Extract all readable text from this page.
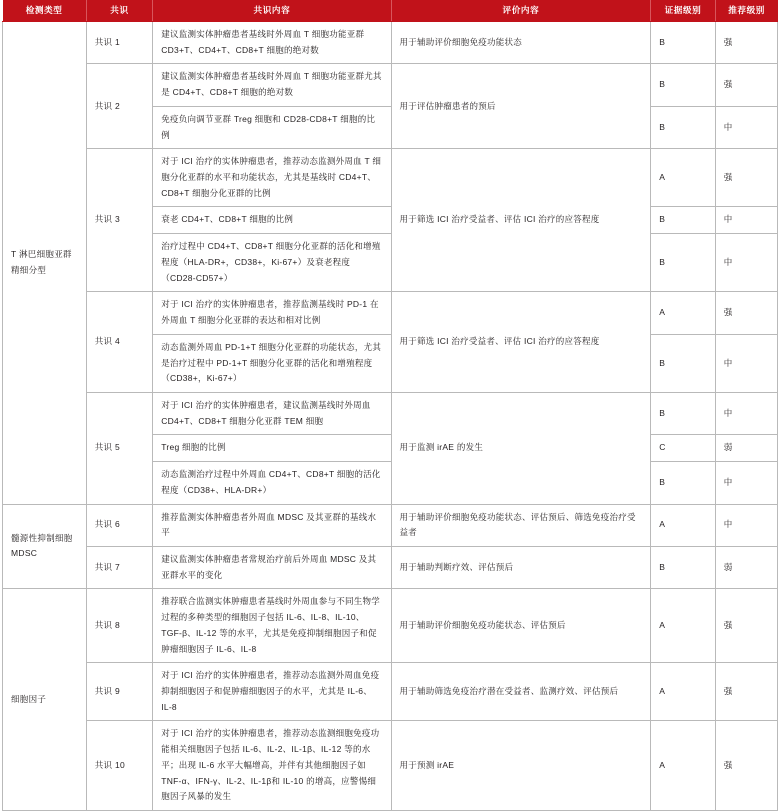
检测类型	共识	共识内容	评价内容	证据级别	推荐级别
T 淋巴细胞亚群精细分型	共识 1	建议监测实体肿瘤患者基线时外周血 T 细胞功能亚群 CD3+T、CD4+T、CD8+T 细胞的绝对数	用于辅助评价细胞免疫功能状态	B	强
	共识 2	建议监测实体肿瘤患者基线时外周血 T 细胞功能亚群尤其是 CD4+T、CD8+T 细胞的绝对数	用于评估肿瘤患者的预后	B	强
		免疫负向调节亚群 Treg 细胞和 CD28-CD8+T 细胞的比例		B	中
	共识 3	对于 ICI 治疗的实体肿瘤患者，推荐动态监测外周血 T 细胞分化亚群的水平和功能状态，尤其是基线时 CD4+T、CD8+T 细胞分化亚群的比例	用于筛选 ICI 治疗受益者、评估 ICI 治疗的应答程度	A	强
		衰老 CD4+T、CD8+T 细胞的比例		B	中
		治疗过程中 CD4+T、CD8+T 细胞分化亚群的活化和增殖程度（HLA-DR+，CD38+，Ki-67+）及衰老程度（CD28-CD57+）		B	中
	共识 4	对于 ICI 治疗的实体肿瘤患者，推荐监测基线时 PD-1 在外周血 T 细胞分化亚群的表达和相对比例	用于筛选 ICI 治疗受益者、评估 ICI 治疗的应答程度	A	强
		动态监测外周血 PD-1+T 细胞分化亚群的功能状态，尤其是治疗过程中 PD-1+T 细胞分化亚群的活化和增殖程度（CD38+，Ki-67+）		B	中
	共识 5	对于 ICI 治疗的实体肿瘤患者，建议监测基线时外周血 CD4+T、CD8+T 细胞分化亚群 TEM 细胞	用于监测 irAE 的发生	B	中
		Treg 细胞的比例		C	弱
		动态监测治疗过程中外周血 CD4+T、CD8+T 细胞的活化程度（CD38+、HLA-DR+）		B	中
髓源性抑制细胞 MDSC	共识 6	推荐监测实体肿瘤患者外周血 MDSC 及其亚群的基线水平	用于辅助评价细胞免疫功能状态、评估预后、筛选免疫治疗受益者	A	中
	共识 7	建议监测实体肿瘤患者常规治疗前后外周血 MDSC 及其亚群水平的变化	用于辅助判断疗效、评估预后	B	弱
细胞因子	共识 8	推荐联合监测实体肿瘤患者基线时外周血参与不同生物学过程的多种类型的细胞因子包括 IL-6、IL-8、IL-10、TGF-β、IL-12 等的水平，尤其是免疫抑制细胞因子和促肿瘤细胞因子 IL-6、IL-8	用于辅助评价细胞免疫功能状态、评估预后	A	强
	共识 9	对于 ICI 治疗的实体肿瘤患者，推荐动态监测外周血免疫抑制细胞因子和促肿瘤细胞因子的水平，尤其是 IL-6、IL-8	用于辅助筛选免疫治疗潜在受益者、监测疗效、评估预后	A	强
	共识 10	对于 ICI 治疗的实体肿瘤患者，推荐动态监测细胞免疫功能相关细胞因子包括 IL-6、IL-2、IL-1β、IL-12 等的水平；出现 IL-6 水平大幅增高，并伴有其他细胞因子如 TNF-α、IFN-γ、IL-2、IL-1β和 IL-10 的增高，应警惕细胞因子风暴的发生	用于预测 irAE	A	强
